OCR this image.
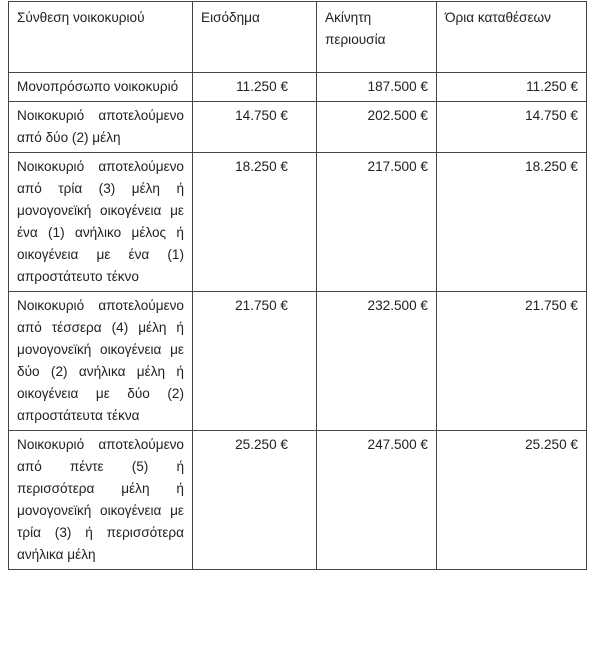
Σύνθεση νοικοκυριού	Εισόδημα	Ακίνητη περιουσία	Όρια καταθέσεων
Μονοπρόσωπο νοικοκυριό	11.250 €	187.500 €	11.250 €
Νοικοκυριό αποτελούμενο από δύο (2) μέλη	14.750 €	202.500 €	14.750 €
Νοικοκυριό αποτελούμενο από τρία (3) μέλη ή μονογονεϊκή οικογένεια με ένα (1) ανήλικο μέλος ή οικογένεια με ένα (1) απροστάτευτο τέκνο	18.250 €	217.500 €	18.250 €
Νοικοκυριό αποτελούμενο από τέσσερα (4) μέλη ή μονογονεϊκή οικογένεια με δύο (2) ανήλικα μέλη ή οικογένεια με δύο (2) απροστάτευτα τέκνα	21.750 €	232.500 €	21.750 €
Νοικοκυριό αποτελούμενο από πέντε (5) ή περισσότερα μέλη ή μονογονεϊκή οικογένεια με τρία (3) ή περισσότερα ανήλικα μέλη	25.250 €	247.500 €	25.250 €
